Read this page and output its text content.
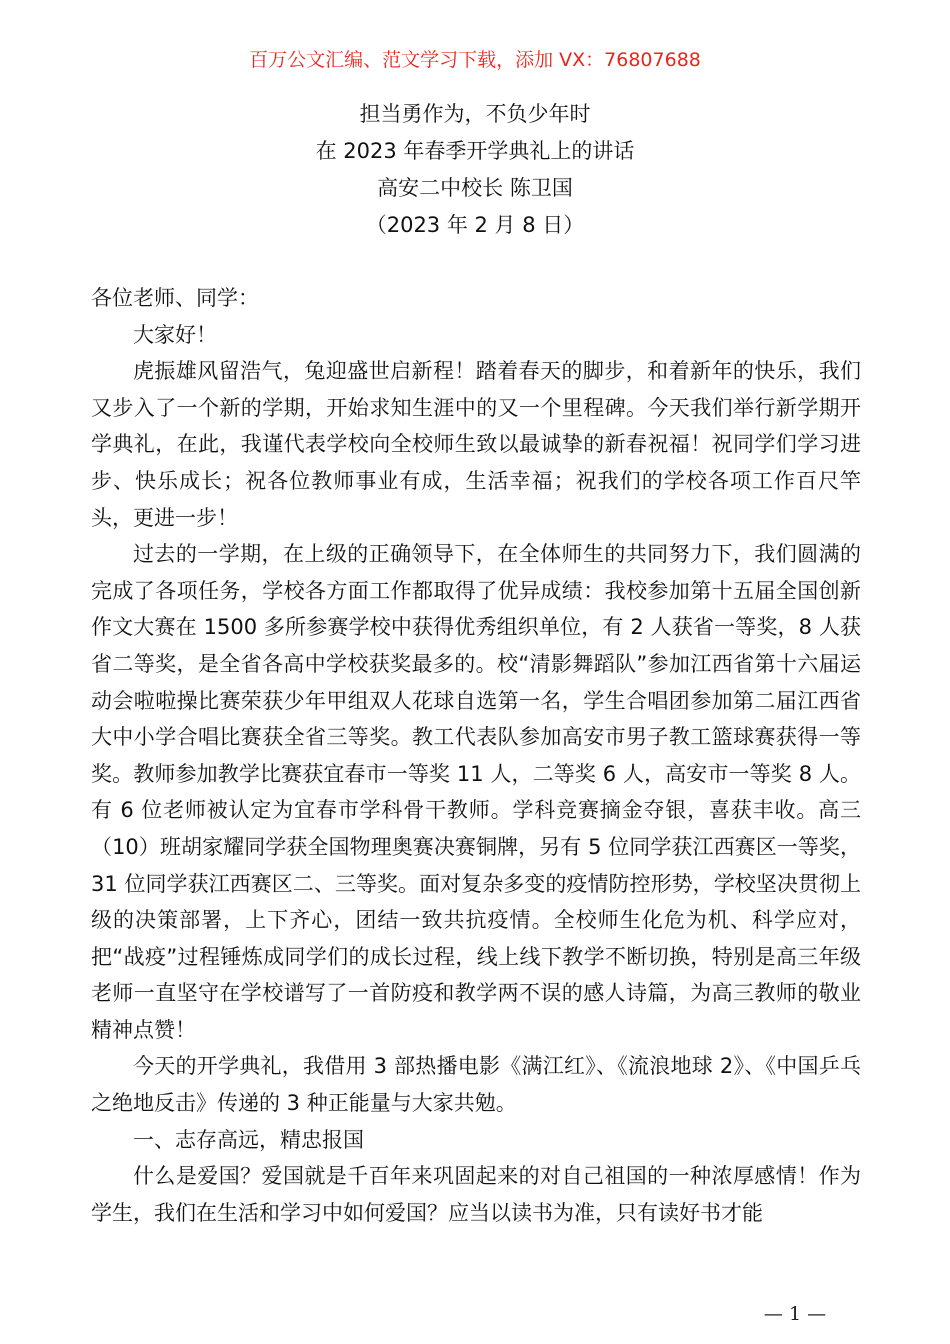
百万公文汇编、范文学习下载，添加 VX：76807688
担当勇作为，不负少年时
在 2023 年春季开学典礼上的讲话
高安二中校长 陈卫国
（2023 年 2 月 8 日）

各位老师、同学：

大家好！

虎振雄风留浩气，兔迎盛世启新程！踏着春天的脚步，和着新年的快乐，我们又步入了一个新的学期，开始求知生涯中的又一个里程碑。今天我们举行新学期开学典礼，在此，我谨代表学校向全校师生致以最诚挚的新春祝福！祝同学们学习进步、快乐成长；祝各位教师事业有成，生活幸福；祝我们的学校各项工作百尺竿头，更进一步！

过去的一学期，在上级的正确领导下，在全体师生的共同努力下，我们圆满的完成了各项任务，学校各方面工作都取得了优异成绩：我校参加第十五届全国创新作文大赛在 1500 多所参赛学校中获得优秀组织单位，有 2 人获省一等奖，8 人获省二等奖，是全省各高中学校获奖最多的。校“清影舞蹈队”参加江西省第十六届运动会啦啦操比赛荣获少年甲组双人花球自选第一名，学生合唱团参加第二届江西省大中小学合唱比赛获全省三等奖。教工代表队参加高安市男子教工篮球赛获得一等奖。教师参加教学比赛获宜春市一等奖 11 人，二等奖 6 人，高安市一等奖 8 人。有 6 位老师被认定为宜春市学科骨干教师。学科竞赛摘金夺银，喜获丰收。高三（10）班胡家耀同学获全国物理奥赛决赛铜牌，另有 5 位同学获江西赛区一等奖，31 位同学获江西赛区二、三等奖。面对复杂多变的疫情防控形势，学校坚决贯彻上级的决策部署，上下齐心，团结一致共抗疫情。全校师生化危为机、科学应对，把“战疫”过程锤炼成同学们的成长过程，线上线下教学不断切换，特别是高三年级老师一直坚守在学校谱写了一首防疫和教学两不误的感人诗篇，为高三教师的敬业精神点赞！

今天的开学典礼，我借用 3 部热播电影《满江红》、《流浪地球 2》、《中国乒乓之绝地反击》传递的 3 种正能量与大家共勉。

一、志存高远，精忠报国

什么是爱国？爱国就是千百年来巩固起来的对自己祖国的一种浓厚感情！作为学生，我们在生活和学习中如何爱国？应当以读书为准，只有读好书才能

— 1 —
